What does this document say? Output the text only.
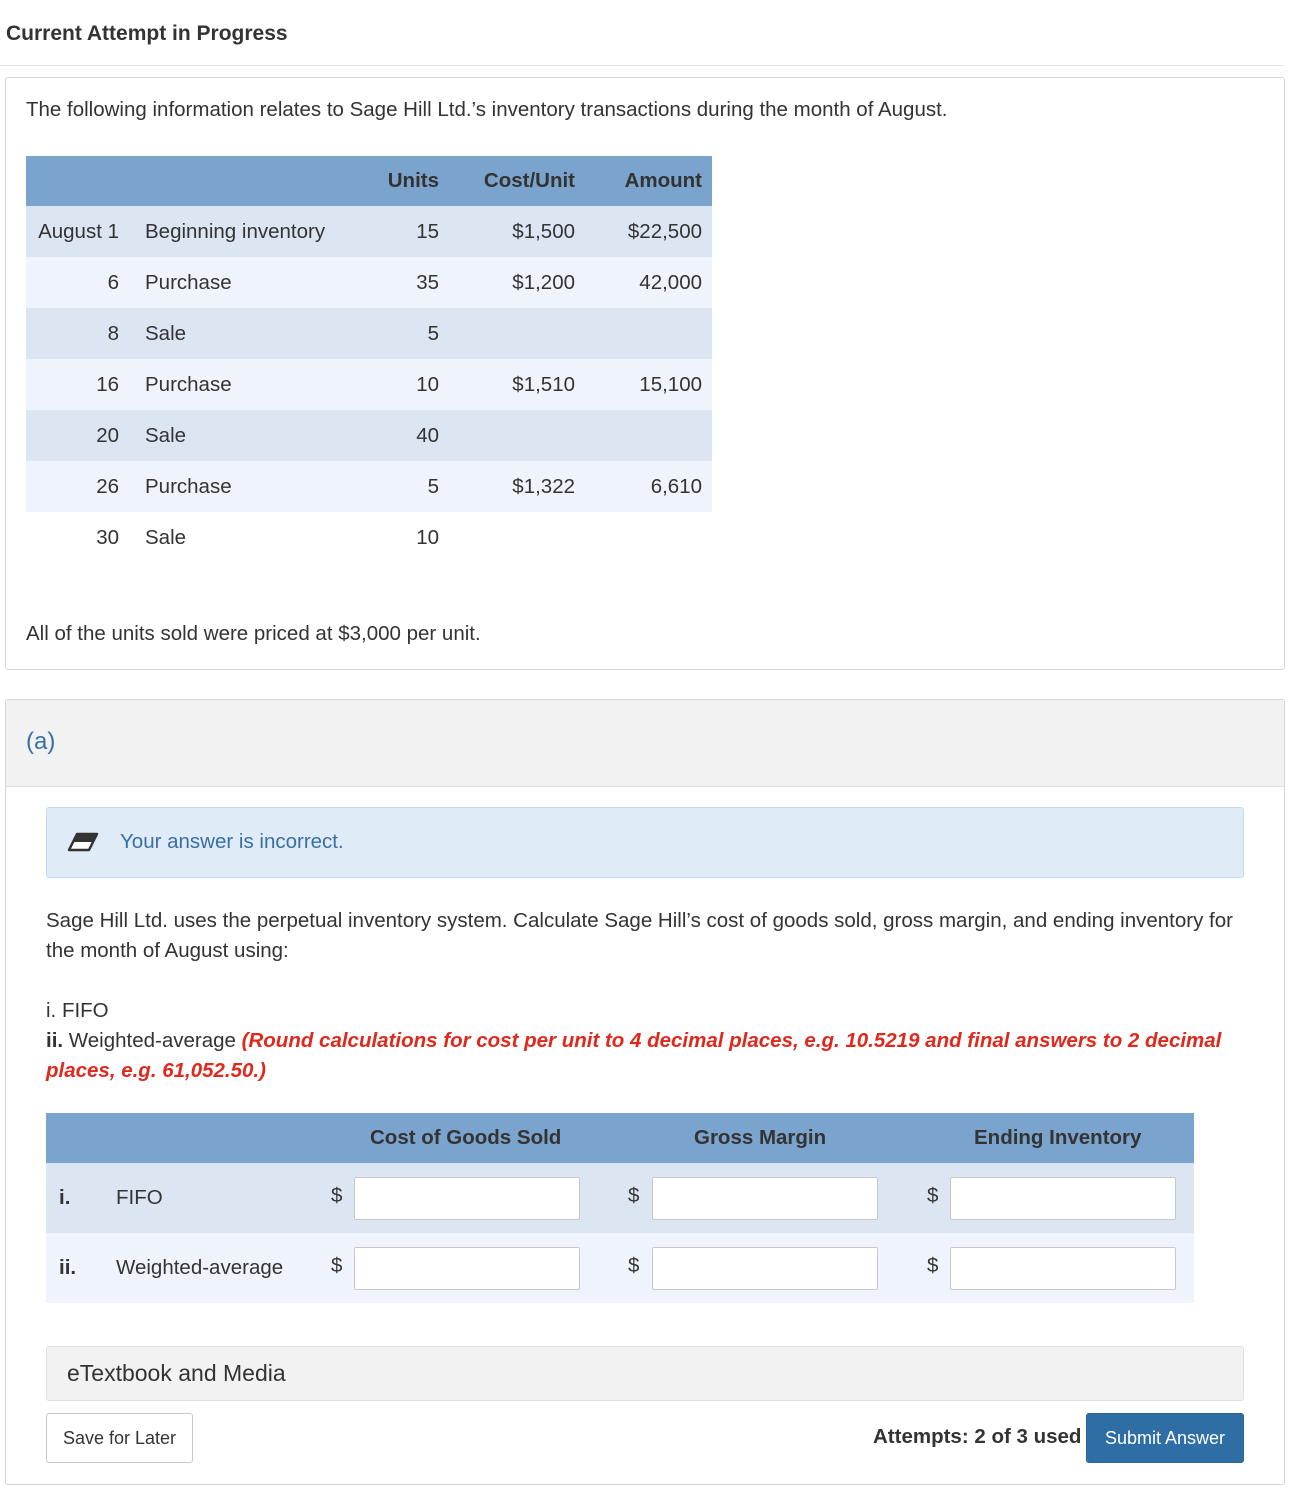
Current Attempt in Progress
The following information relates to Sage Hill Ltd.’s inventory transactions during the month of August.
		Units	Cost/Unit	Amount
August 1	Beginning inventory	15	$1,500	$22,500
6	Purchase	35	$1,200	42,000
8	Sale	5		
16	Purchase	10	$1,510	15,100
20	Sale	40		
26	Purchase	5	$1,322	6,610
30	Sale	10		
All of the units sold were priced at $3,000 per unit.
(a)
Your answer is incorrect.
Sage Hill Ltd. uses the perpetual inventory system. Calculate Sage Hill’s cost of goods sold, gross margin, and ending inventory for the month of August using:
i. FIFO
ii. Weighted-average (Round calculations for cost per unit to 4 decimal places, e.g. 10.5219 and final answers to 2 decimal places, e.g. 61,052.50.)
Cost of Goods Sold	Gross Margin	Ending Inventory
i. FIFO	$	$	$
ii. Weighted-average $	$	$
eTextbook and Media
Save for Later	Attempts: 2 of 3 used	Submit Answer
